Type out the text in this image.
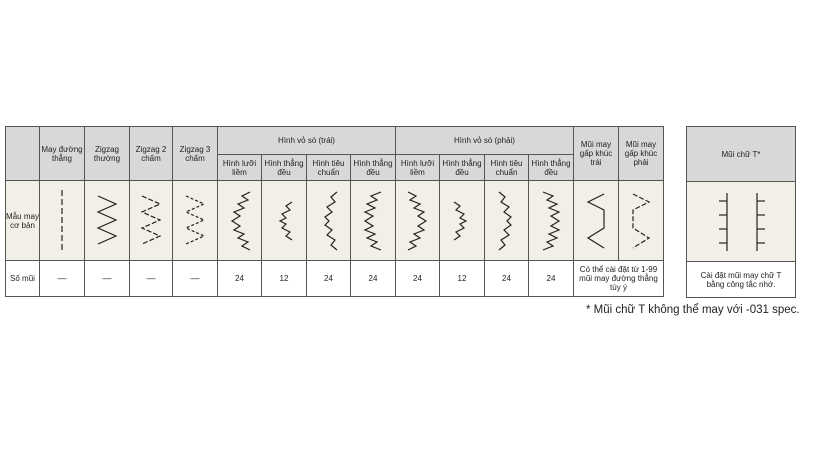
	May đường thẳng	Zigzag thường	Zigzag 2 chấm	Zigzag 3 chấm	Hình vỏ sò (trái)				Hình vỏ sò (phải)				Mũi may gấp khúc trái	Mũi may gấp khúc phải
					Hình lưỡi liềm	Hình thẳng đều	Hình tiêu chuẩn	Hình thẳng đều	Hình lưỡi liềm	Hình thẳng đều	Hình tiêu chuẩn	Hình thẳng đều		
Mẫu may cơ bản	

Số mũi	—	—	—	—	24	12	24	24	24	12	24	24	Có thể cài đặt từ 1-99 mũi may đường thẳng tùy ý	
Mũi chữ T*

Cài đặt mũi may chữ T bằng công tắc nhớ.
* Mũi chữ T không thể may với -031 spec.
